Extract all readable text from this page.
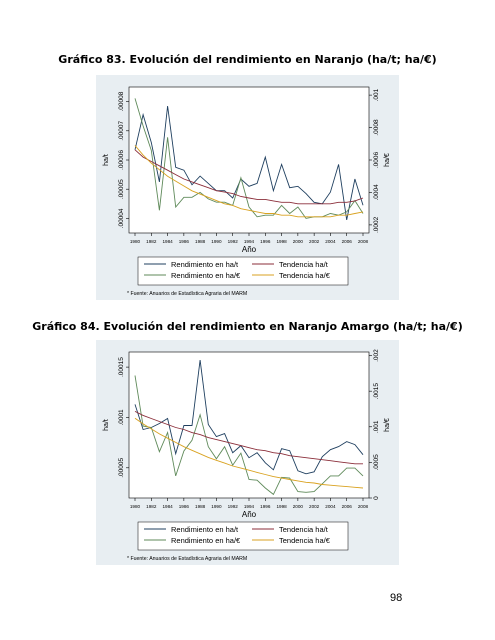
Gráfico 83. Evolución del rendimiento en Naranjo (ha/t; ha/€)
1980 1982 1984 1986 1988 1990 1992 1994 1996 1998 2000 2002 2004 2006 2008
Año
.00004
.00005
.00006
.00007
.00008
ha/t
.0002
.0004
.0006
.0008
.001
ha/€
Rendimiento en ha/t	Tendencia ha/t
Rendimiento en ha/€	Tendencia ha/€
* Fuente: Anuarios de Estadística Agraria del MARM
Gráfico 84. Evolución del rendimiento en Naranjo Amargo (ha/t; ha/€)
1980 1982 1984 1986 1988 1990 1992 1994 1996 1998 2000 2002 2004 2006 2008
Año
.00005
.0001
.00015
ha/t
0
.0005
.001
.0015
.002
ha/€
Rendimiento en ha/t	Tendencia ha/t
Rendimiento en ha/€	Tendencia ha/€
* Fuente: Anuarios de Estadística Agraria del MARM
98
